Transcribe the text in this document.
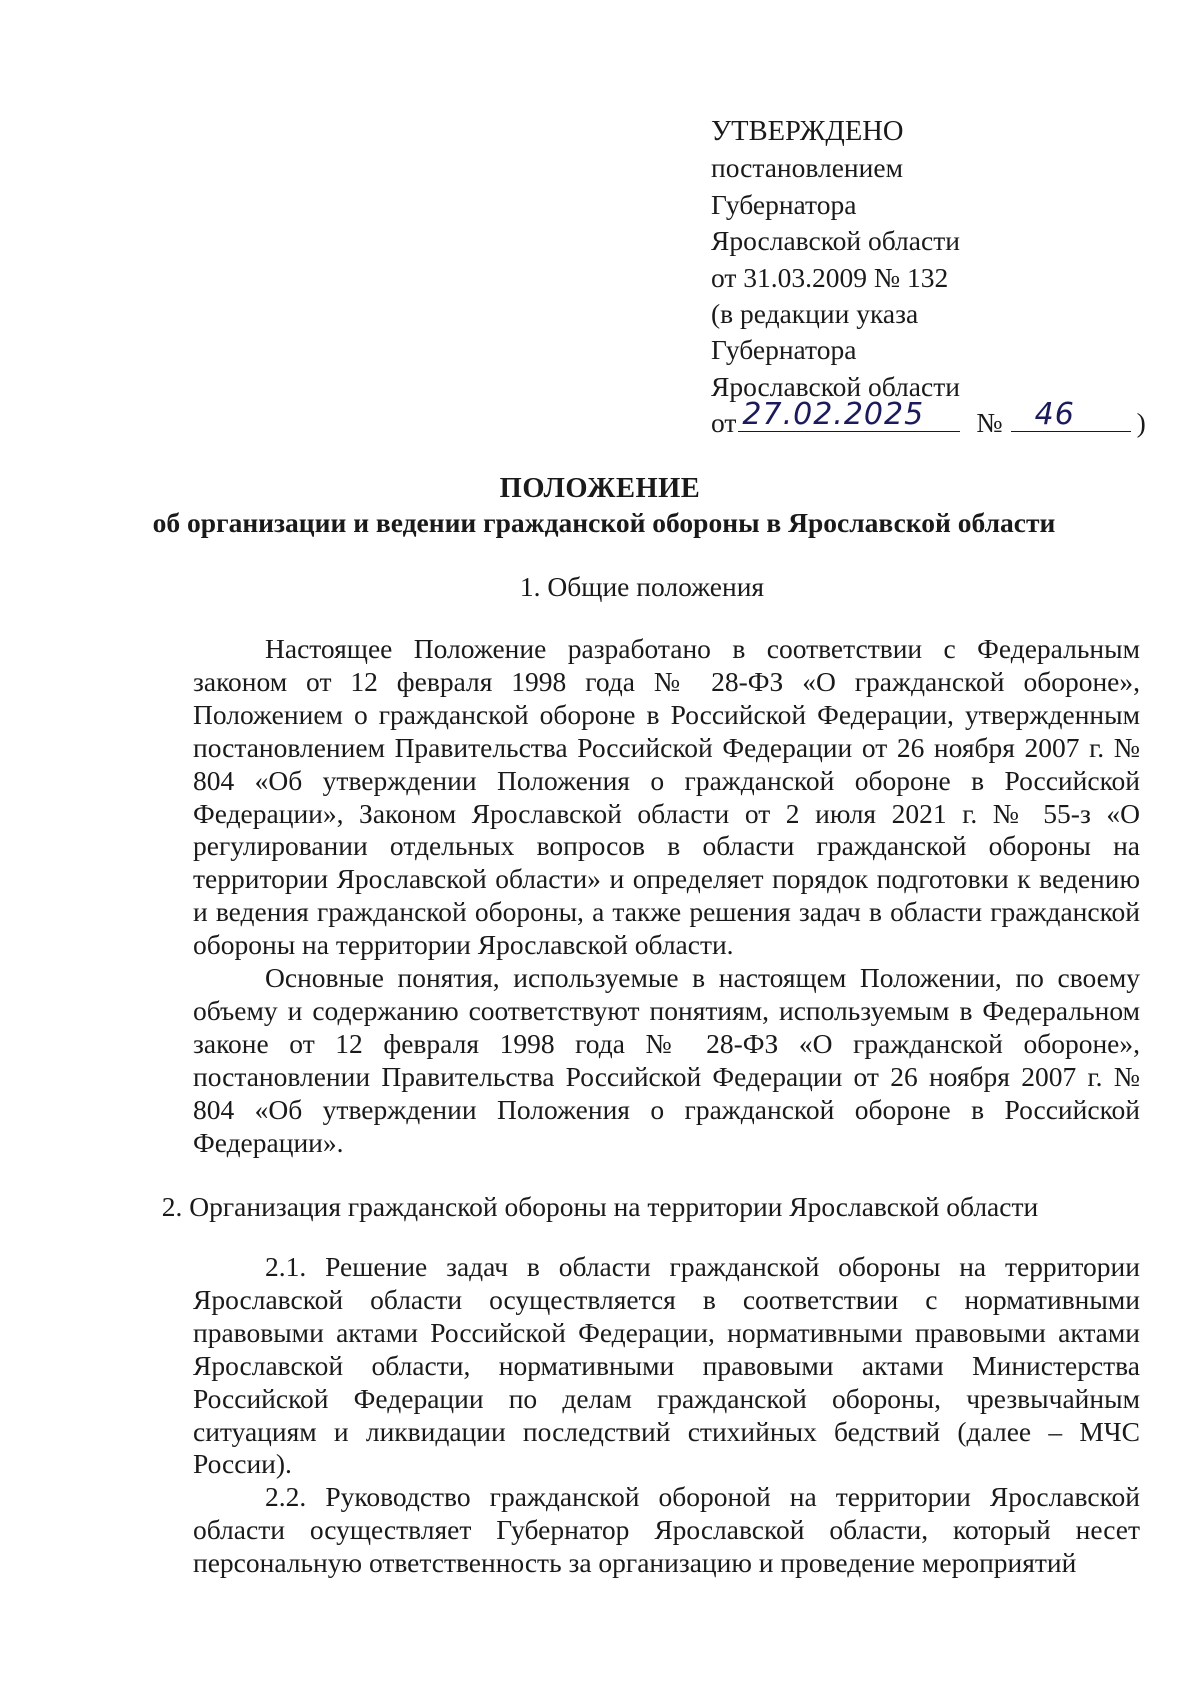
УТВЕРЖДЕНО
постановлением
Губернатора
Ярославской области
от 31.03.2009 № 132
(в редакции указа
Губернатора
Ярославской области
от 27.02.2025 № 46 )
ПОЛОЖЕНИЕ
об организации и ведении гражданской обороны в Ярославской области
1. Общие положения

Настоящее Положение разработано в соответствии с Федеральным законом от 12 февраля 1998 года № 28-ФЗ «О гражданской обороне», Положением о гражданской обороне в Российской Федерации, утвержденным постановлением Правительства Российской Федерации от 26 ноября 2007 г. № 804 «Об утверждении Положения о гражданской обороне в Российской Федерации», Законом Ярославской области от 2 июля 2021 г. № 55-з «О регулировании отдельных вопросов в области гражданской обороны на территории Ярославской области» и определяет порядок подготовки к ведению и ведения гражданской обороны, а также решения задач в области гражданской обороны на территории Ярославской области.

Основные понятия, используемые в настоящем Положении, по своему объему и содержанию соответствуют понятиям, используемым в Федеральном законе от 12 февраля 1998 года № 28-ФЗ «О гражданской обороне», постановлении Правительства Российской Федерации от 26 ноября 2007 г. № 804 «Об утверждении Положения о гражданской обороне в Российской Федерации».

2. Организация гражданской обороны на территории Ярославской области

2.1. Решение задач в области гражданской обороны на территории Ярославской области осуществляется в соответствии с нормативными правовыми актами Российской Федерации, нормативными правовыми актами Ярославской области, нормативными правовыми актами Министерства Российской Федерации по делам гражданской обороны, чрезвычайным ситуациям и ликвидации последствий стихийных бедствий (далее – МЧС России).

2.2. Руководство гражданской обороной на территории Ярославской области осуществляет Губернатор Ярославской области, который несет персональную ответственность за организацию и проведение мероприятий
